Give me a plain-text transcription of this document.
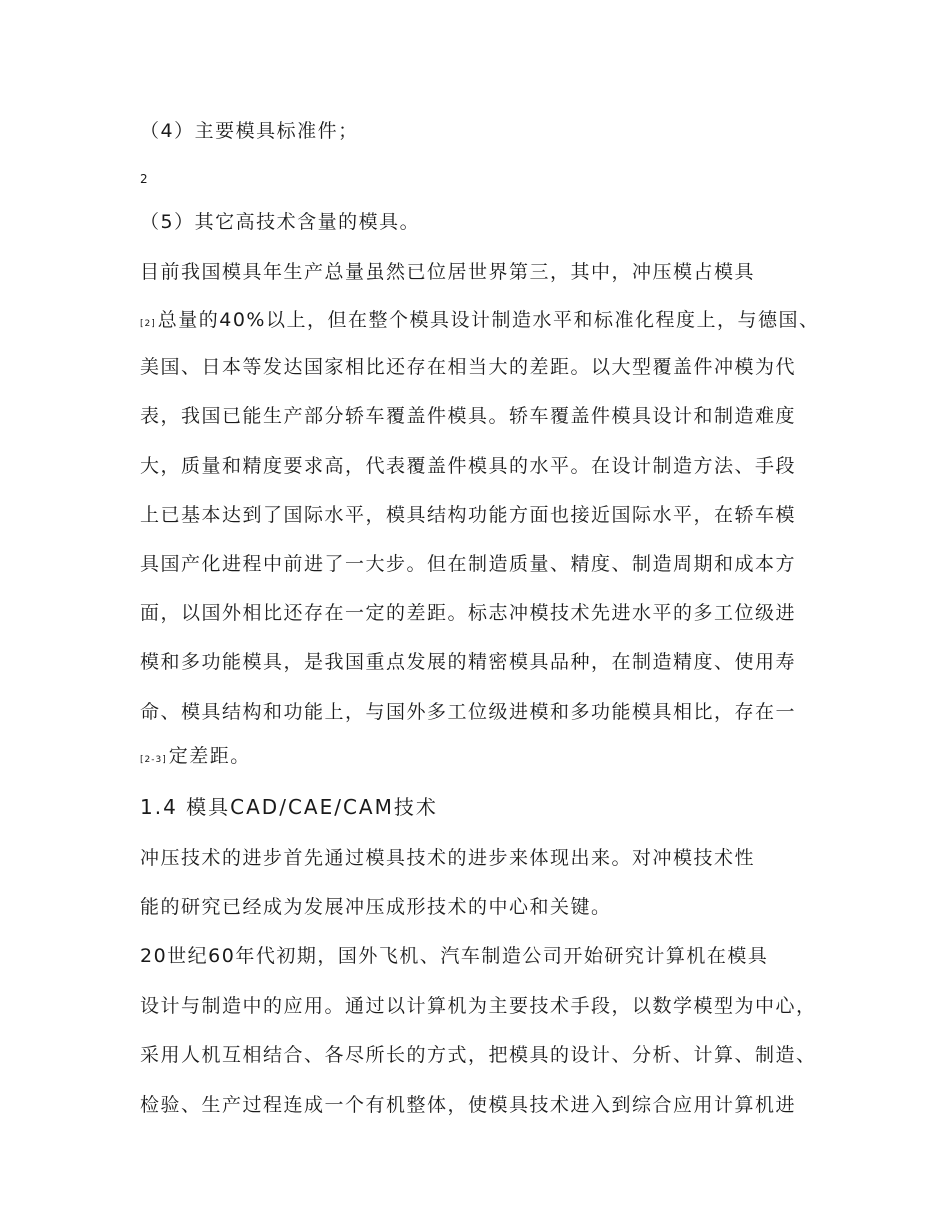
（4）主要模具标准件；
2
（5）其它高技术含量的模具。
目前我国模具年生产总量虽然已位居世界第三，其中，冲压模占模具
[2] 总量的40%以上，但在整个模具设计制造水平和标准化程度上，与德国、
美国、日本等发达国家相比还存在相当大的差距。以大型覆盖件冲模为代
表，我国已能生产部分轿车覆盖件模具。轿车覆盖件模具设计和制造难度
大，质量和精度要求高，代表覆盖件模具的水平。在设计制造方法、手段
上已基本达到了国际水平，模具结构功能方面也接近国际水平，在轿车模
具国产化进程中前进了一大步。但在制造质量、精度、制造周期和成本方
面，以国外相比还存在一定的差距。标志冲模技术先进水平的多工位级进
模和多功能模具，是我国重点发展的精密模具品种，在制造精度、使用寿
命、模具结构和功能上，与国外多工位级进模和多功能模具相比，存在一
[2-3] 定差距。
1.4 模具CAD/CAE/CAM技术
冲压技术的进步首先通过模具技术的进步来体现出来。对冲模技术性
能的研究已经成为发展冲压成形技术的中心和关键。
20世纪60年代初期，国外飞机、汽车制造公司开始研究计算机在模具
设计与制造中的应用。通过以计算机为主要技术手段，以数学模型为中心，
采用人机互相结合、各尽所长的方式，把模具的设计、分析、计算、制造、
检验、生产过程连成一个有机整体，使模具技术进入到综合应用计算机进
